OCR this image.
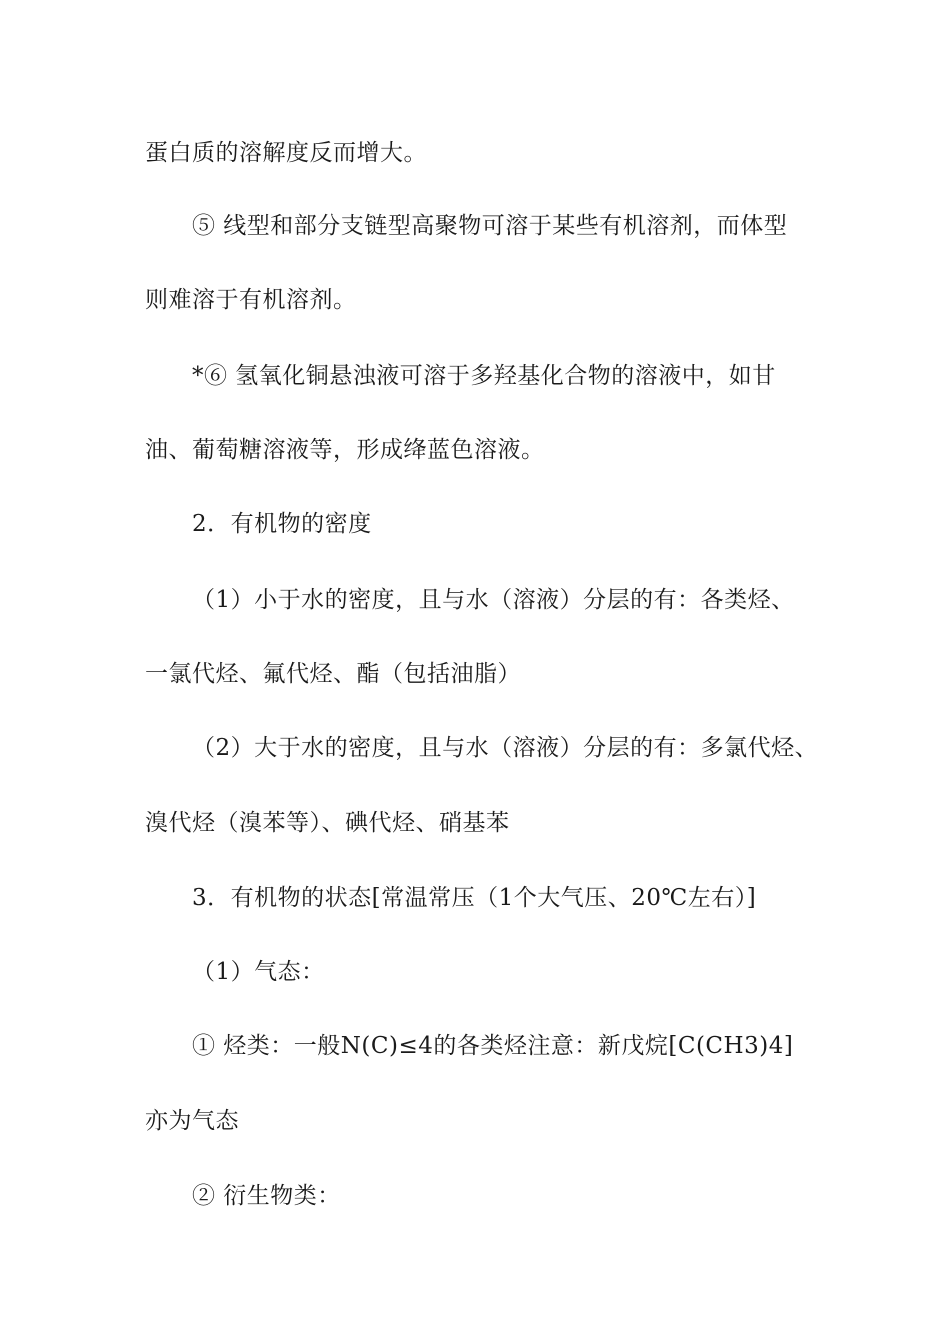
蛋白质的溶解度反而增大。
⑤ 线型和部分支链型高聚物可溶于某些有机溶剂，而体型
则难溶于有机溶剂。
*⑥ 氢氧化铜悬浊液可溶于多羟基化合物的溶液中，如甘
油、葡萄糖溶液等，形成绛蓝色溶液。
2．有机物的密度
（1）小于水的密度，且与水（溶液）分层的有：各类烃、
一氯代烃、氟代烃、酯（包括油脂）
（2）大于水的密度，且与水（溶液）分层的有：多氯代烃、
溴代烃（溴苯等）、碘代烃、硝基苯
3．有机物的状态[常温常压（1个大气压、20℃左右）]
（1）气态：
① 烃类：一般N(C)≤4的各类烃注意：新戊烷[C(CH3)4]
亦为气态
② 衍生物类：
